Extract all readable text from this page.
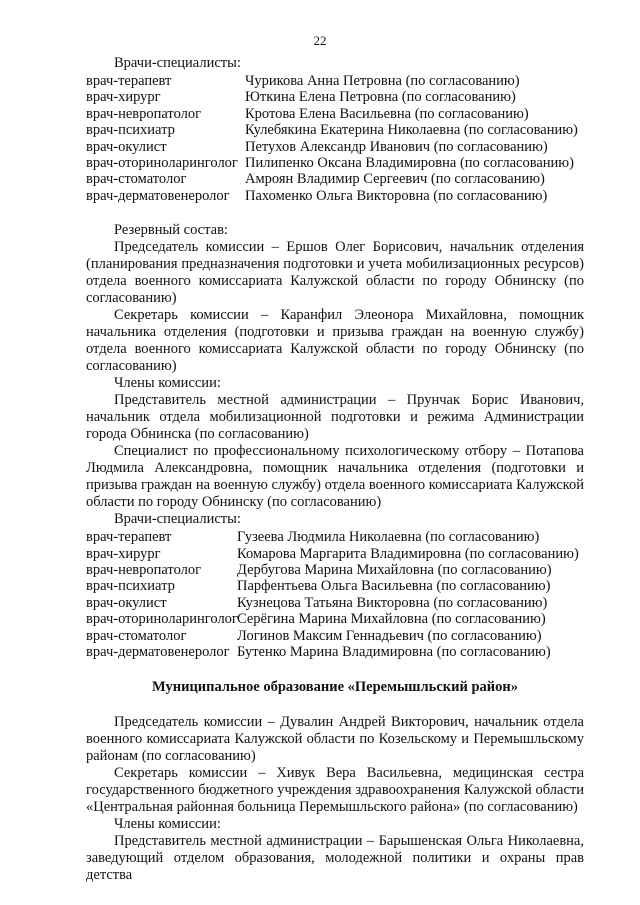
22

Врачи-специалисты:

врач-терапевт	Чурикова Анна Петровна (по согласованию)
врач-хирург	Юткина Елена Петровна (по согласованию)
врач-невропатолог	Кротова Елена Васильевна (по согласованию)
врач-психиатр	Кулебякина Екатерина Николаевна (по согласованию)
врач-окулист	Петухов Александр Иванович (по согласованию)
врач-оториноларинголог Пилипенко Оксана Владимировна (по согласованию)
врач-стоматолог	Амроян Владимир Сергеевич (по согласованию)
врач-дерматовенеролог	Пахоменко Ольга Викторовна (по согласованию)

Резервный состав:

Председатель комиссии – Ершов Олег Борисович, начальник отделения (планирования предназначения подготовки и учета мобилизационных ресурсов) отдела военного комиссариата Калужской области по городу Обнинску (по согласованию)

Секретарь комиссии – Каранфил Элеонора Михайловна, помощник начальника отделения (подготовки и призыва граждан на военную службу) отдела военного комиссариата Калужской области по городу Обнинску (по согласованию)

Члены комиссии:

Представитель местной администрации – Прунчак Борис Иванович, начальник отдела мобилизационной подготовки и режима Администрации города Обнинска (по согласованию)

Специалист по профессиональному психологическому отбору – Потапова Людмила Александровна, помощник начальника отделения (подготовки и призыва граждан на военную службу) отдела военного комиссариата Калужской области по городу Обнинску (по согласованию)

Врачи-специалисты:

врач-терапевт	Гузеева Людмила Николаевна (по согласованию)
врач-хирург	Комарова Маргарита Владимировна (по согласованию)
врач-невропатолог	Дербугова Марина Михайловна (по согласованию)
врач-психиатр	Парфентьева Ольга Васильевна (по согласованию)
врач-окулист	Кузнецова Татьяна Викторовна (по согласованию)
врач-оториноларинголог Серёгина Марина Михайловна (по согласованию)
врач-стоматолог	Логинов Максим Геннадьевич (по согласованию)
врач-дерматовенеролог Бутенко Марина Владимировна (по согласованию)

Муниципальное образование «Перемышльский район»

Председатель комиссии – Дувалин Андрей Викторович, начальник отдела военного комиссариата Калужской области по Козельскому и Перемышльскому районам (по согласованию)

Секретарь комиссии – Хивук Вера Васильевна, медицинская сестра государственного бюджетного учреждения здравоохранения Калужской области «Центральная районная больница Перемышльского района» (по согласованию)

Члены комиссии:

Представитель местной администрации – Барышенская Ольга Николаевна, заведующий отделом образования, молодежной политики и охраны прав детства
